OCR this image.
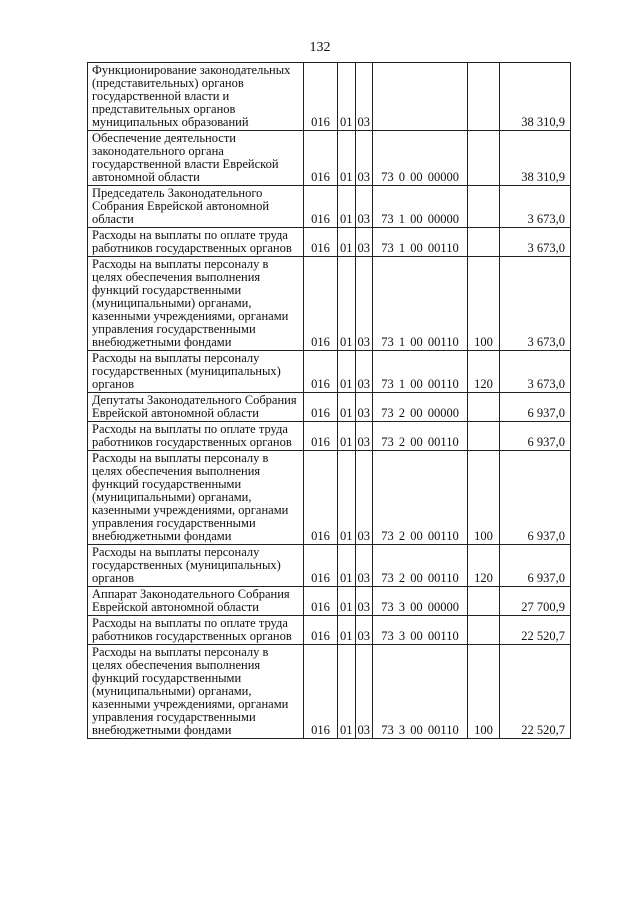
132
Функционирование законодательных (представительных) органов государственной власти и представительных органов муниципальных образований	016	01	03			38 310,9
Обеспечение деятельности законодательного органа государственной власти Еврейской автономной области	016	01	03	73 0 00 00000		38 310,9
Председатель Законодательного Собрания Еврейской автономной области	016	01	03	73 1 00 00000		3 673,0
Расходы на выплаты по оплате труда работников государственных органов	016	01	03	73 1 00 00110		3 673,0
Расходы на выплаты персоналу в целях обеспечения выполнения функций государственными (муниципальными) органами, казенными учреждениями, органами управления государственными внебюджетными фондами	016	01	03	73 1 00 00110	100	3 673,0
Расходы на выплаты персоналу государственных (муниципальных) органов	016	01	03	73 1 00 00110	120	3 673,0
Депутаты Законодательного Собрания Еврейской автономной области	016	01	03	73 2 00 00000		6 937,0
Расходы на выплаты по оплате труда работников государственных органов	016	01	03	73 2 00 00110		6 937,0
Расходы на выплаты персоналу в целях обеспечения выполнения функций государственными (муниципальными) органами, казенными учреждениями, органами управления государственными внебюджетными фондами	016	01	03	73 2 00 00110	100	6 937,0
Расходы на выплаты персоналу государственных (муниципальных) органов	016	01	03	73 2 00 00110	120	6 937,0
Аппарат Законодательного Собрания Еврейской автономной области	016	01	03	73 3 00 00000		27 700,9
Расходы на выплаты по оплате труда работников государственных органов	016	01	03	73 3 00 00110		22 520,7
Расходы на выплаты персоналу в целях обеспечения выполнения функций государственными (муниципальными) органами, казенными учреждениями, органами управления государственными внебюджетными фондами	016	01	03	73 3 00 00110	100	22 520,7
